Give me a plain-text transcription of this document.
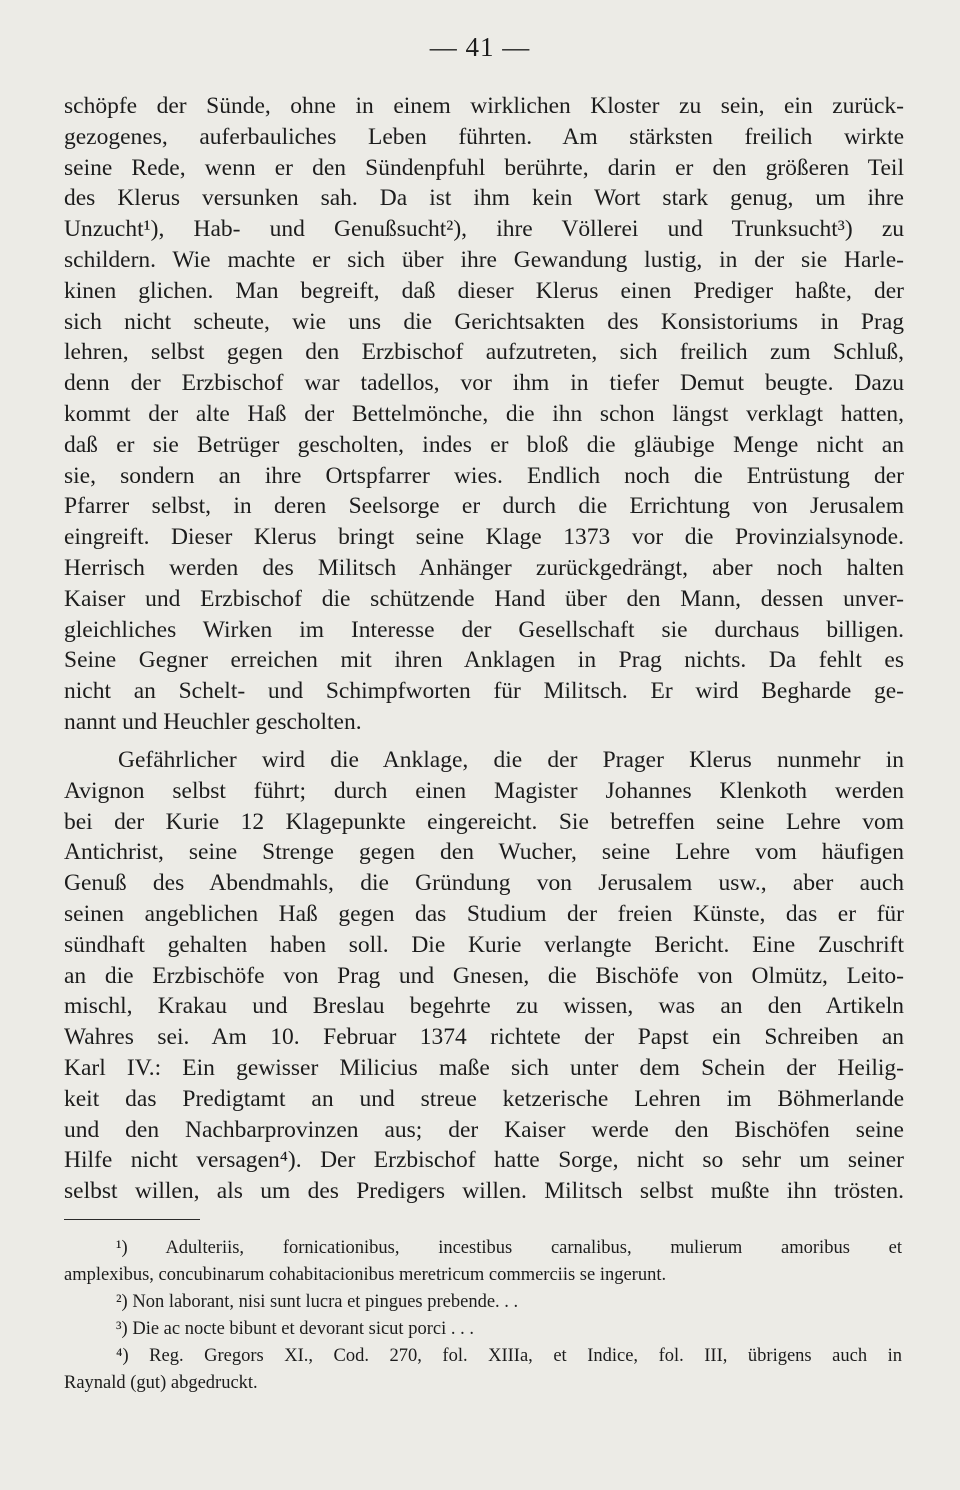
— 41 —
schöpfe der Sünde, ohne in einem wirklichen Kloster zu sein, ein zurück-
gezogenes, auferbauliches Leben führten. Am stärksten freilich wirkte
seine Rede, wenn er den Sündenpfuhl berührte, darin er den größeren Teil
des Klerus versunken sah. Da ist ihm kein Wort stark genug, um ihre
Unzucht¹), Hab- und Genußsucht²), ihre Völlerei und Trunksucht³) zu
schildern. Wie machte er sich über ihre Gewandung lustig, in der sie Harle-
kinen glichen. Man begreift, daß dieser Klerus einen Prediger haßte, der
sich nicht scheute, wie uns die Gerichtsakten des Konsistoriums in Prag
lehren, selbst gegen den Erzbischof aufzutreten, sich freilich zum Schluß,
denn der Erzbischof war tadellos, vor ihm in tiefer Demut beugte. Dazu
kommt der alte Haß der Bettelmönche, die ihn schon längst verklagt hatten,
daß er sie Betrüger gescholten, indes er bloß die gläubige Menge nicht an
sie, sondern an ihre Ortspfarrer wies. Endlich noch die Entrüstung der
Pfarrer selbst, in deren Seelsorge er durch die Errichtung von Jerusalem
eingreift. Dieser Klerus bringt seine Klage 1373 vor die Provinzialsynode.
Herrisch werden des Militsch Anhänger zurückgedrängt, aber noch halten
Kaiser und Erzbischof die schützende Hand über den Mann, dessen unver-
gleichliches Wirken im Interesse der Gesellschaft sie durchaus billigen.
Seine Gegner erreichen mit ihren Anklagen in Prag nichts. Da fehlt es
nicht an Schelt- und Schimpfworten für Militsch. Er wird Begharde ge-
nannt und Heuchler gescholten.
Gefährlicher wird die Anklage, die der Prager Klerus nunmehr in
Avignon selbst führt; durch einen Magister Johannes Klenkoth werden
bei der Kurie 12 Klagepunkte eingereicht. Sie betreffen seine Lehre vom
Antichrist, seine Strenge gegen den Wucher, seine Lehre vom häufigen
Genuß des Abendmahls, die Gründung von Jerusalem usw., aber auch
seinen angeblichen Haß gegen das Studium der freien Künste, das er für
sündhaft gehalten haben soll. Die Kurie verlangte Bericht. Eine Zuschrift
an die Erzbischöfe von Prag und Gnesen, die Bischöfe von Olmütz, Leito-
mischl, Krakau und Breslau begehrte zu wissen, was an den Artikeln
Wahres sei. Am 10. Februar 1374 richtete der Papst ein Schreiben an
Karl IV.: Ein gewisser Milicius maße sich unter dem Schein der Heilig-
keit das Predigtamt an und streue ketzerische Lehren im Böhmerlande
und den Nachbarprovinzen aus; der Kaiser werde den Bischöfen seine
Hilfe nicht versagen⁴). Der Erzbischof hatte Sorge, nicht so sehr um seiner
selbst willen, als um des Predigers willen. Militsch selbst mußte ihn trösten.
¹) Adulteriis, fornicationibus, incestibus carnalibus, mulierum amoribus et
amplexibus, concubinarum cohabitacionibus meretricum commerciis se ingerunt.
²) Non laborant, nisi sunt lucra et pingues prebende. . .
³) Die ac nocte bibunt et devorant sicut porci . . .
⁴) Reg. Gregors XI., Cod. 270, fol. XIIIa, et Indice, fol. III, übrigens auch in
Raynald (gut) abgedruckt.
